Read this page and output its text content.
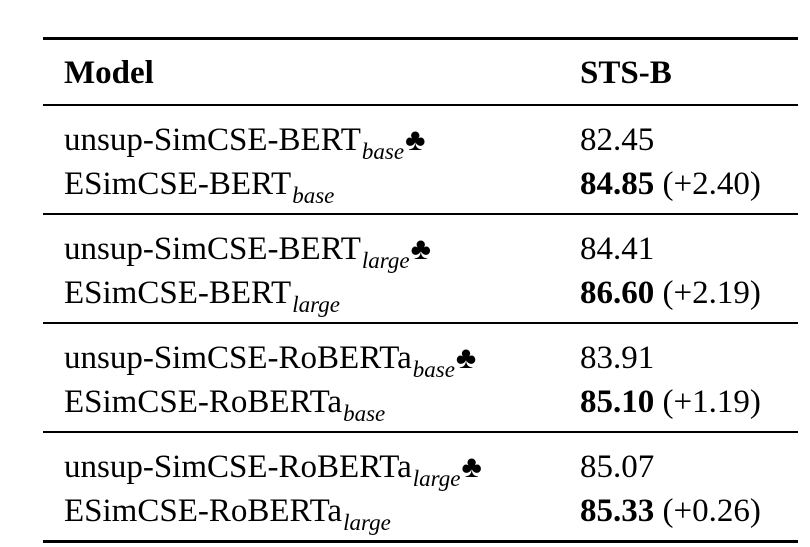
Model	STS-B
unsup-$SimCSE-BERT_{base}♣$	82.45
ESimCSE-$BERT_{base}$	84.85 (+2.40)
unsup-$SimCSE-BERT_{large}♣$	84.41
ESimCSE-$BERT_{large}$	86.60 (+2.19)
unsup-SimCSE-RoBERTa$_{base}$♣	83.91
ESimCSE-RoBERTa$_{base}$	85.10 (+1.19)
unsup-SimCSE-RoBERTa$_{large}$♣	85.07
ESimCSE-RoBERTa$_{large}$	85.33 (+0.26)
